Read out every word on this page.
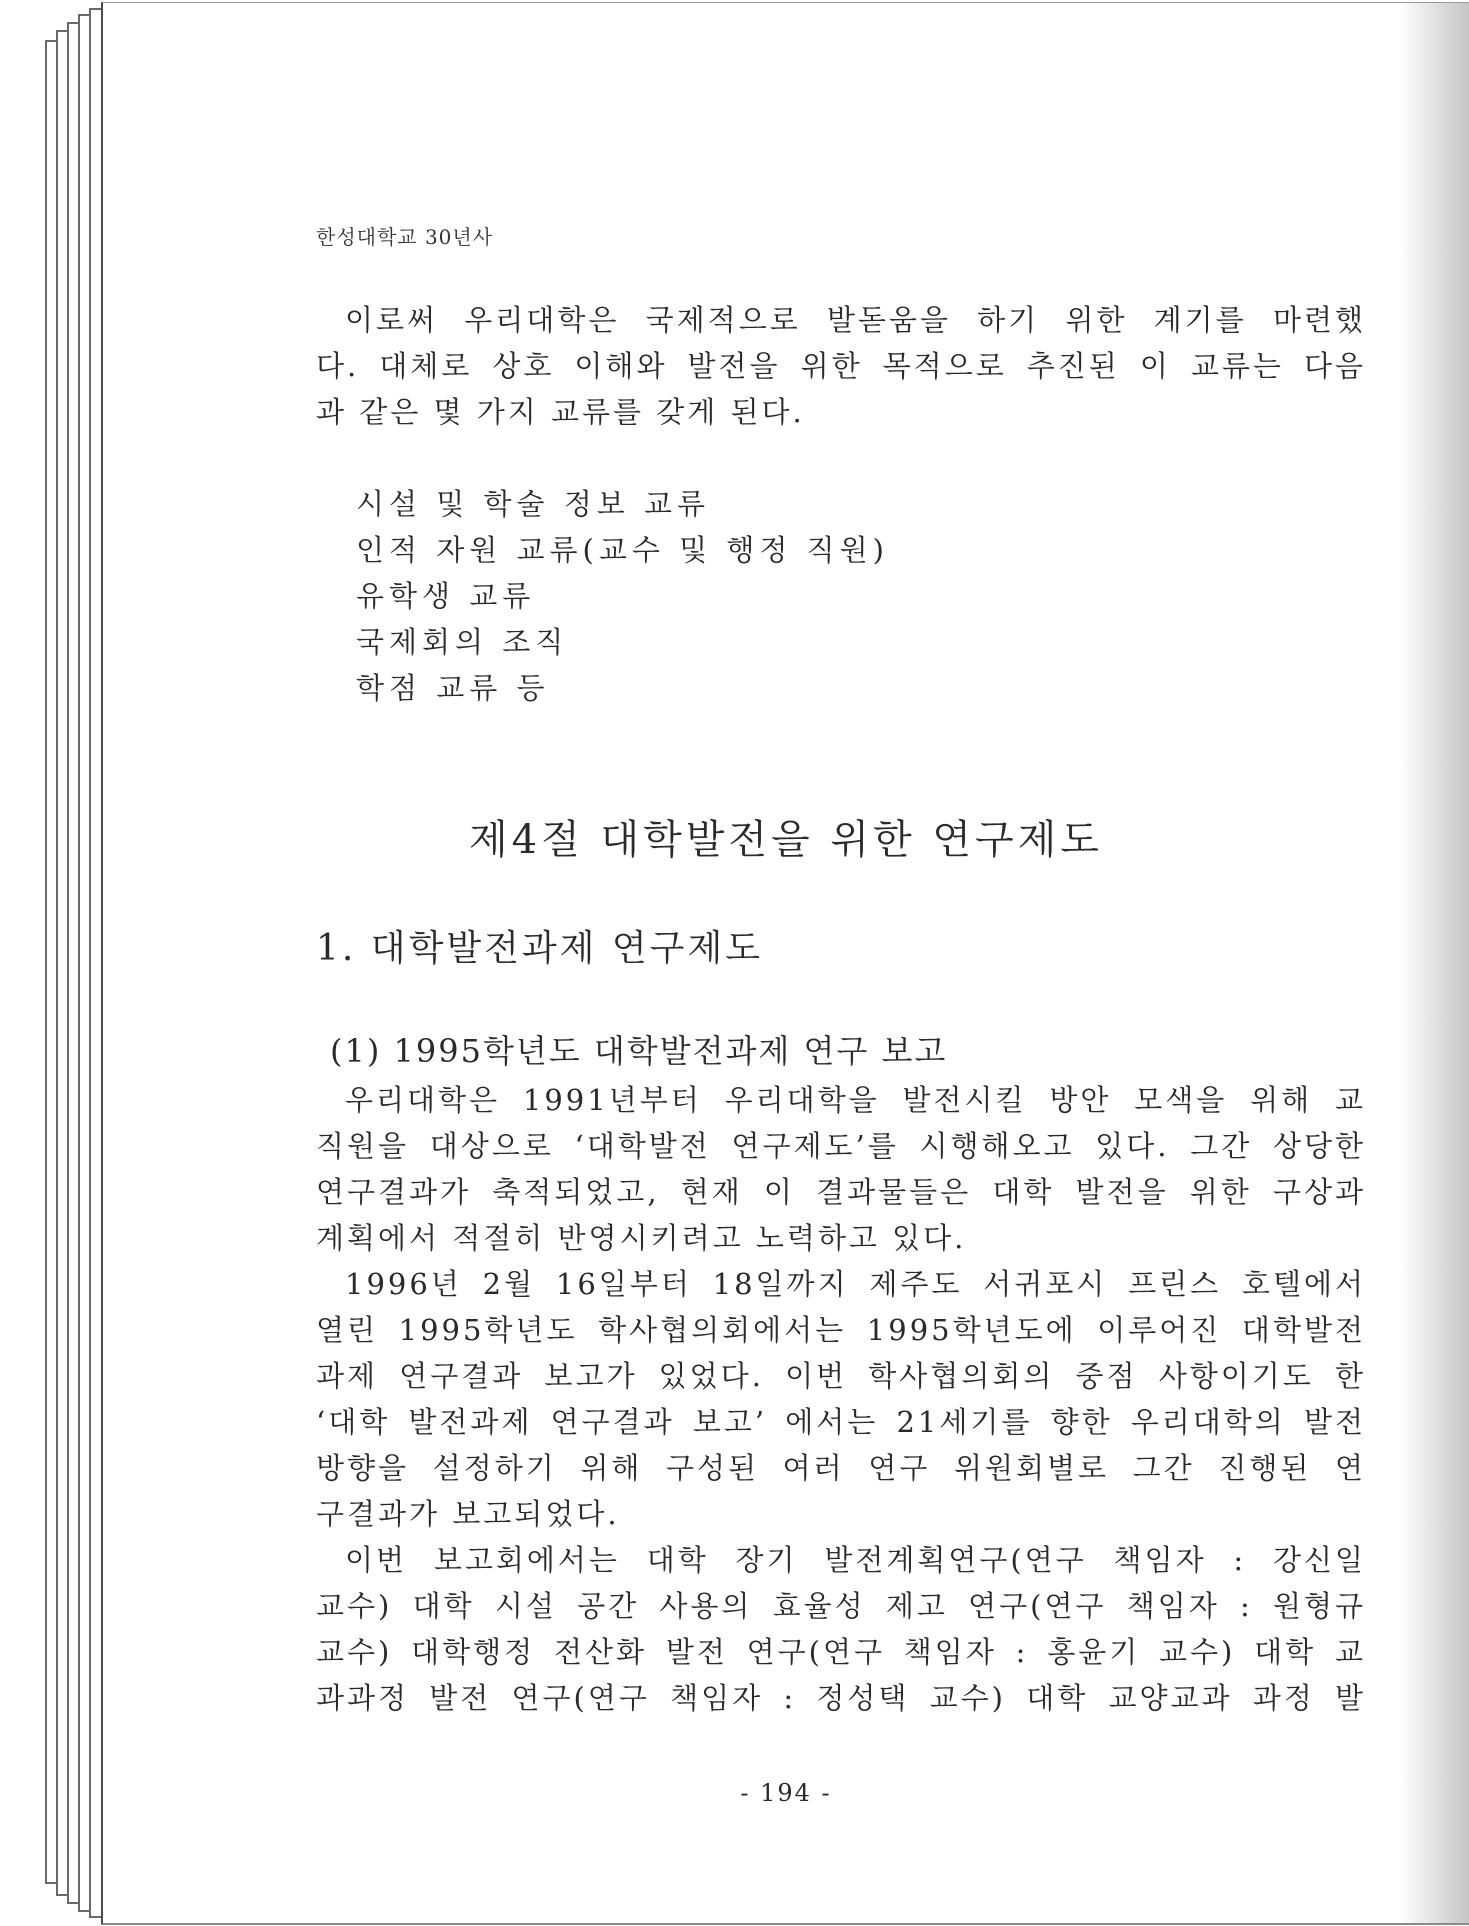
한성대학교 30년사

이로써 우리대학은 국제적으로 발돋움을 하기 위한 계기를 마련했
다. 대체로 상호 이해와 발전을 위한 목적으로 추진된 이 교류는 다음
과 같은 몇 가지 교류를 갖게 된다.

시설 및 학술 정보 교류
인적 자원 교류(교수 및 행정 직원)
유학생 교류
국제회의 조직
학점 교류 등
제4절 대학발전을 위한 연구제도
1. 대학발전과제 연구제도
(1) 1995학년도 대학발전과제 연구 보고

우리대학은 1991년부터 우리대학을 발전시킬 방안 모색을 위해 교
직원을 대상으로 ‘대학발전 연구제도’를 시행해오고 있다. 그간 상당한
연구결과가 축적되었고, 현재 이 결과물들은 대학 발전을 위한 구상과
계획에서 적절히 반영시키려고 노력하고 있다.

1996년 2월 16일부터 18일까지 제주도 서귀포시 프린스 호텔에서
열린 1995학년도 학사협의회에서는 1995학년도에 이루어진 대학발전
과제 연구결과 보고가 있었다. 이번 학사협의회의 중점 사항이기도 한
‘대학 발전과제 연구결과 보고’ 에서는 21세기를 향한 우리대학의 발전
방향을 설정하기 위해 구성된 여러 연구 위원회별로 그간 진행된 연
구결과가 보고되었다.

이번 보고회에서는 대학 장기 발전계획연구(연구 책임자 : 강신일
교수) 대학 시설 공간 사용의 효율성 제고 연구(연구 책임자 : 원형규
교수) 대학행정 전산화 발전 연구(연구 책임자 : 홍윤기 교수) 대학 교
과과정 발전 연구(연구 책임자 : 정성택 교수) 대학 교양교과 과정 발

- 194 -
